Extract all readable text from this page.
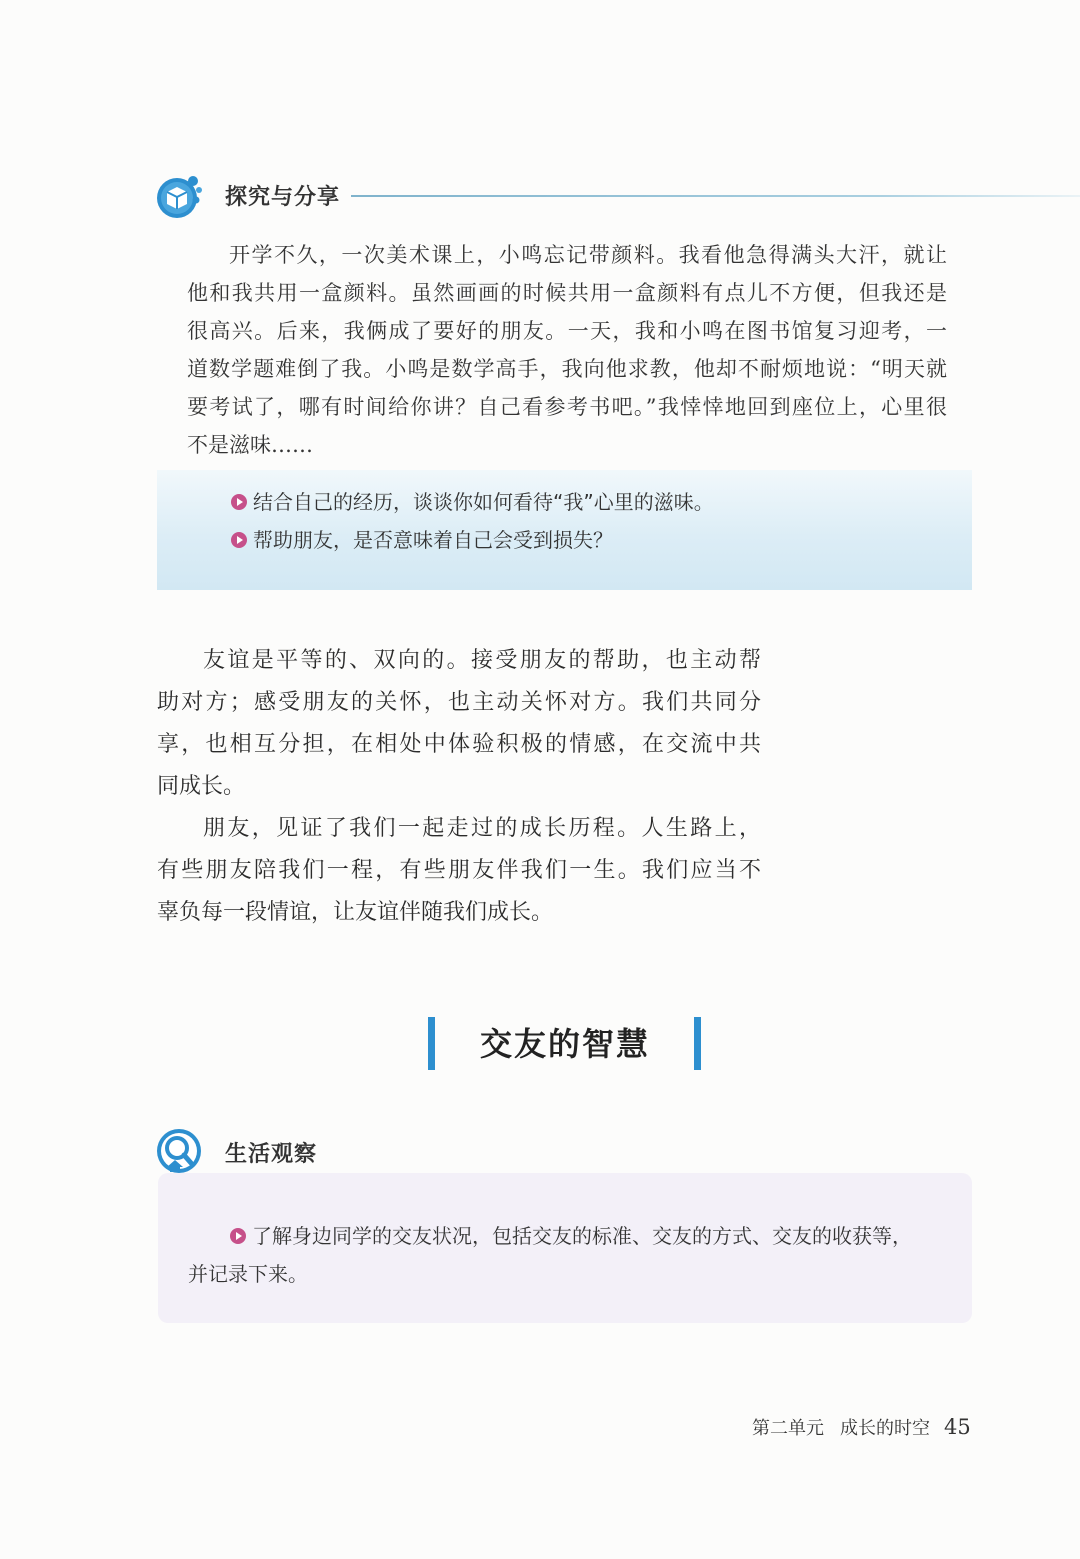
探究与分享
开学不久，一次美术课上，小鸣忘记带颜料。我看他急得满头大汗，就让
他和我共用一盒颜料。虽然画画的时候共用一盒颜料有点儿不方便，但我还是
很高兴。后来，我俩成了要好的朋友。一天，我和小鸣在图书馆复习迎考，一
道数学题难倒了我。小鸣是数学高手，我向他求教，他却不耐烦地说：“明天就
要考试了，哪有时间给你讲？自己看参考书吧。”我悻悻地回到座位上，心里很
不是滋味……
结合自己的经历，谈谈你如何看待“我”心里的滋味。
帮助朋友，是否意味着自己会受到损失？

友谊是平等的、双向的。接受朋友的帮助，也主动帮
助对方；感受朋友的关怀，也主动关怀对方。我们共同分
享，也相互分担，在相处中体验积极的情感，在交流中共
同成长。

朋友，见证了我们一起走过的成长历程。人生路上，
有些朋友陪我们一程，有些朋友伴我们一生。我们应当不
辜负每一段情谊，让友谊伴随我们成长。

交友的智慧
生活观察
了解身边同学的交友状况，包括交友的标准、交友的方式、交友的收获等，
并记录下来。
第二单元 成长的时空 45
